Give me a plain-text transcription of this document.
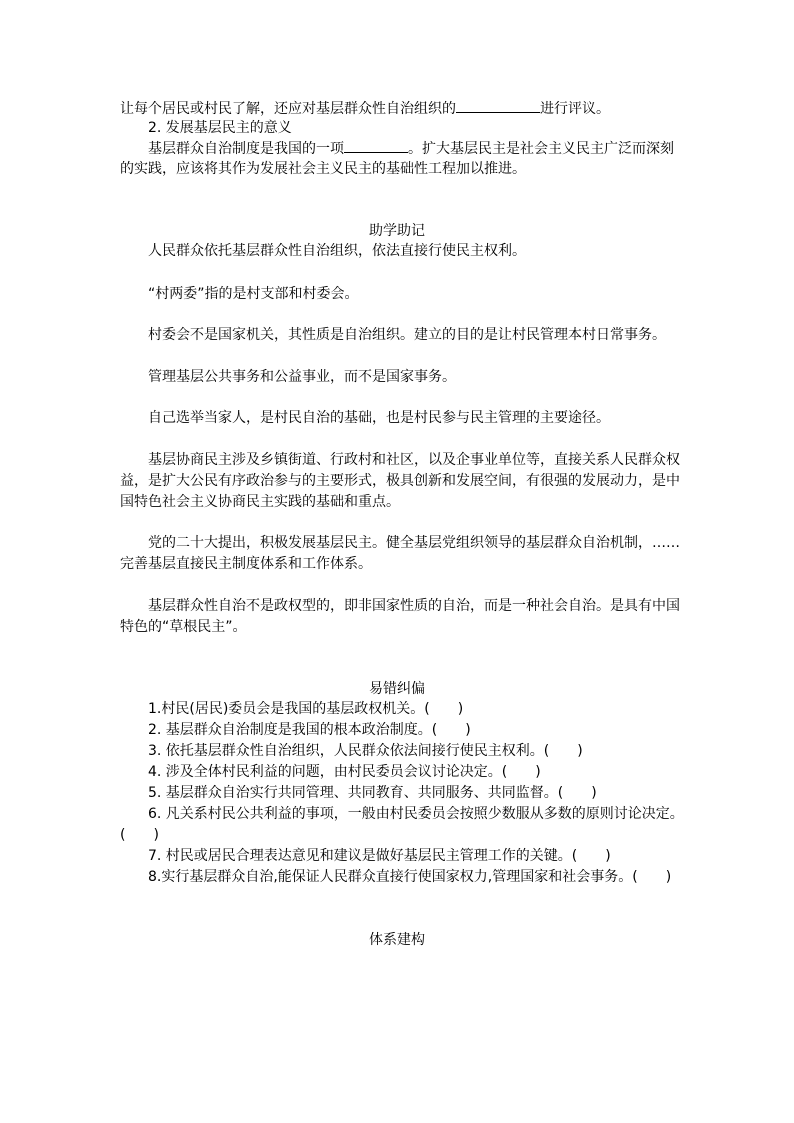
让每个居民或村民了解，还应对基层群众性自治组织的	进行评议。
2. 发展基层民主的意义
基层群众自治制度是我国的一项	。扩大基层民主是社会主义民主广泛而深刻
的实践，应该将其作为发展社会主义民主的基础性工程加以推进。
助学助记
人民群众依托基层群众性自治组织，依法直接行使民主权利。
“村两委”指的是村支部和村委会。
村委会不是国家机关，其性质是自治组织。建立的目的是让村民管理本村日常事务。
管理基层公共事务和公益事业，而不是国家事务。
自己选举当家人，是村民自治的基础，也是村民参与民主管理的主要途径。
基层协商民主涉及乡镇街道、行政村和社区，以及企事业单位等，直接关系人民群众权
益，是扩大公民有序政治参与的主要形式，极具创新和发展空间，有很强的发展动力，是中
国特色社会主义协商民主实践的基础和重点。
党的二十大提出，积极发展基层民主。健全基层党组织领导的基层群众自治机制，……
完善基层直接民主制度体系和工作体系。
基层群众性自治不是政权型的，即非国家性质的自治，而是一种社会自治。是具有中国
特色的“草根民主”。
易错纠偏
1.村民(居民)委员会是我国的基层政权机关。(　　)
2. 基层群众自治制度是我国的根本政治制度。(　　)
3. 依托基层群众性自治组织，人民群众依法间接行使民主权利。(　　)
4. 涉及全体村民利益的问题，由村民委员会议讨论决定。(　　)
5. 基层群众自治实行共同管理、共同教育、共同服务、共同监督。(　　)
6. 凡关系村民公共利益的事项，一般由村民委员会按照少数服从多数的原则讨论决定。
(　　)
7. 村民或居民合理表达意见和建议是做好基层民主管理工作的关键。(　　)
8.实行基层群众自治,能保证人民群众直接行使国家权力,管理国家和社会事务。(　　)
体系建构
